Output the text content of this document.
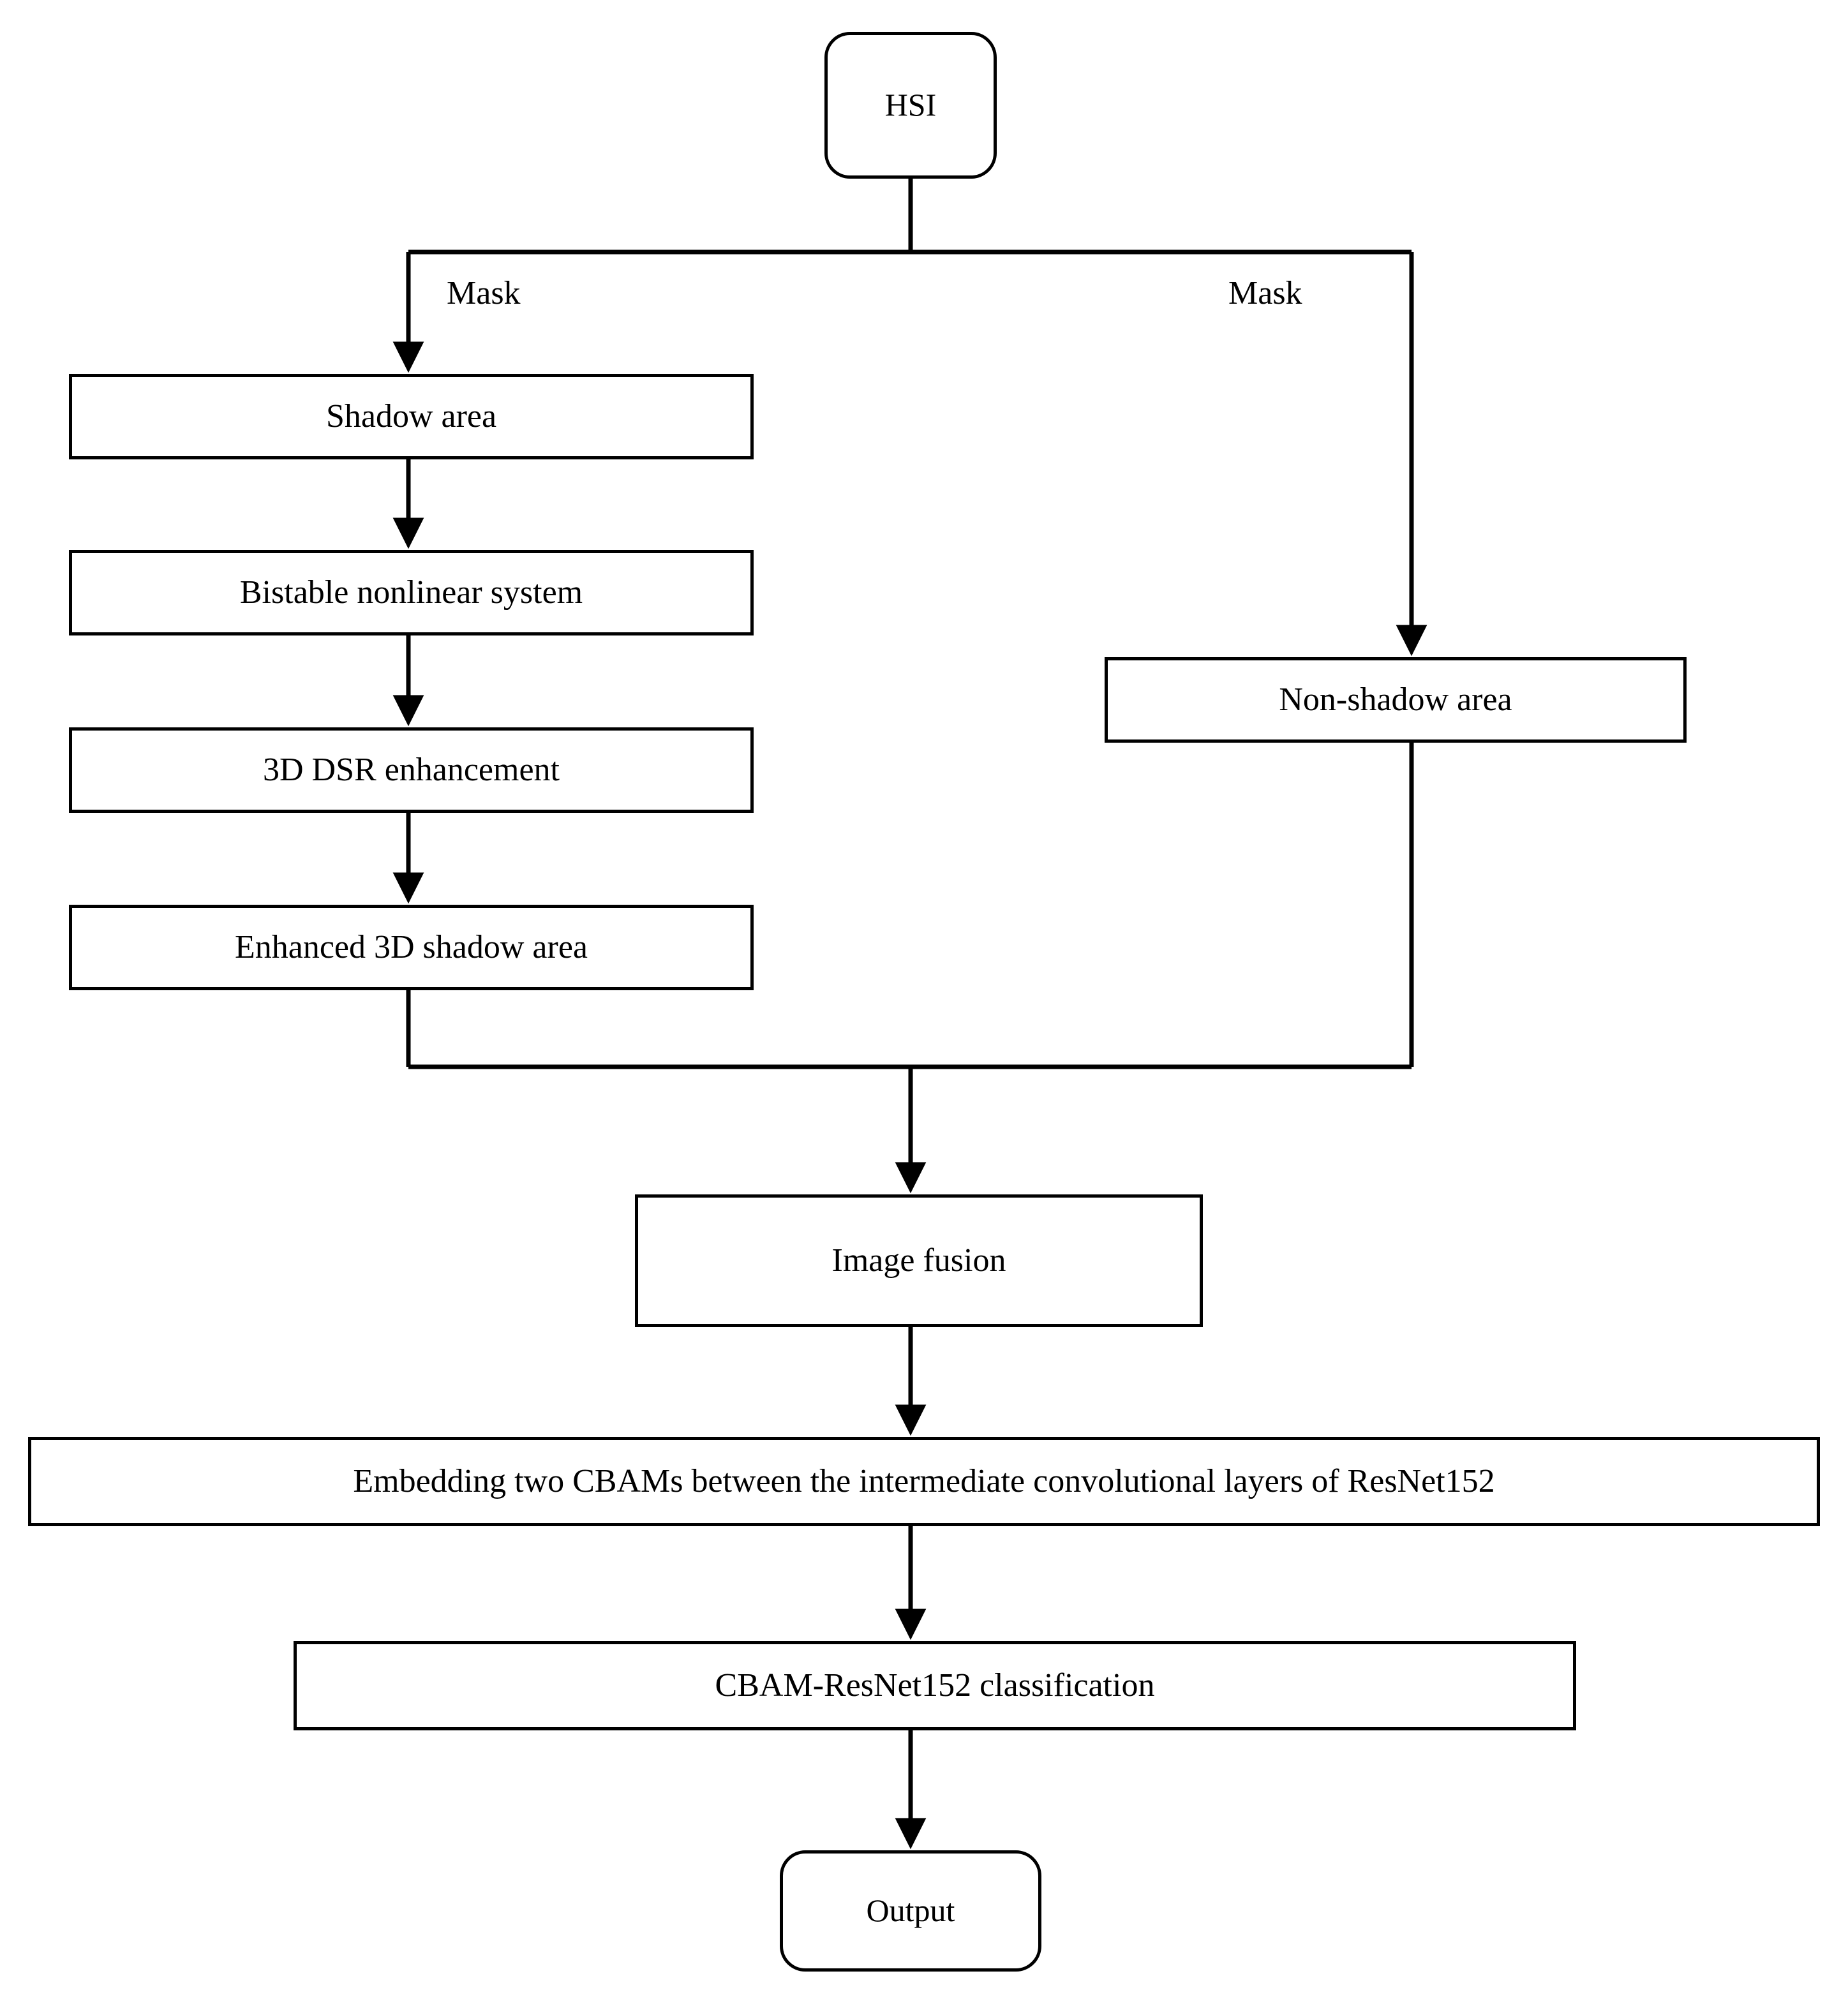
HSI
Shadow area
Bistable nonlinear system
3D DSR enhancement
Enhanced 3D shadow area
Non-shadow area
Image fusion
Embedding two CBAMs between the intermediate convolutional layers of ResNet152
CBAM-ResNet152 classification
Output
Mask	Mask
